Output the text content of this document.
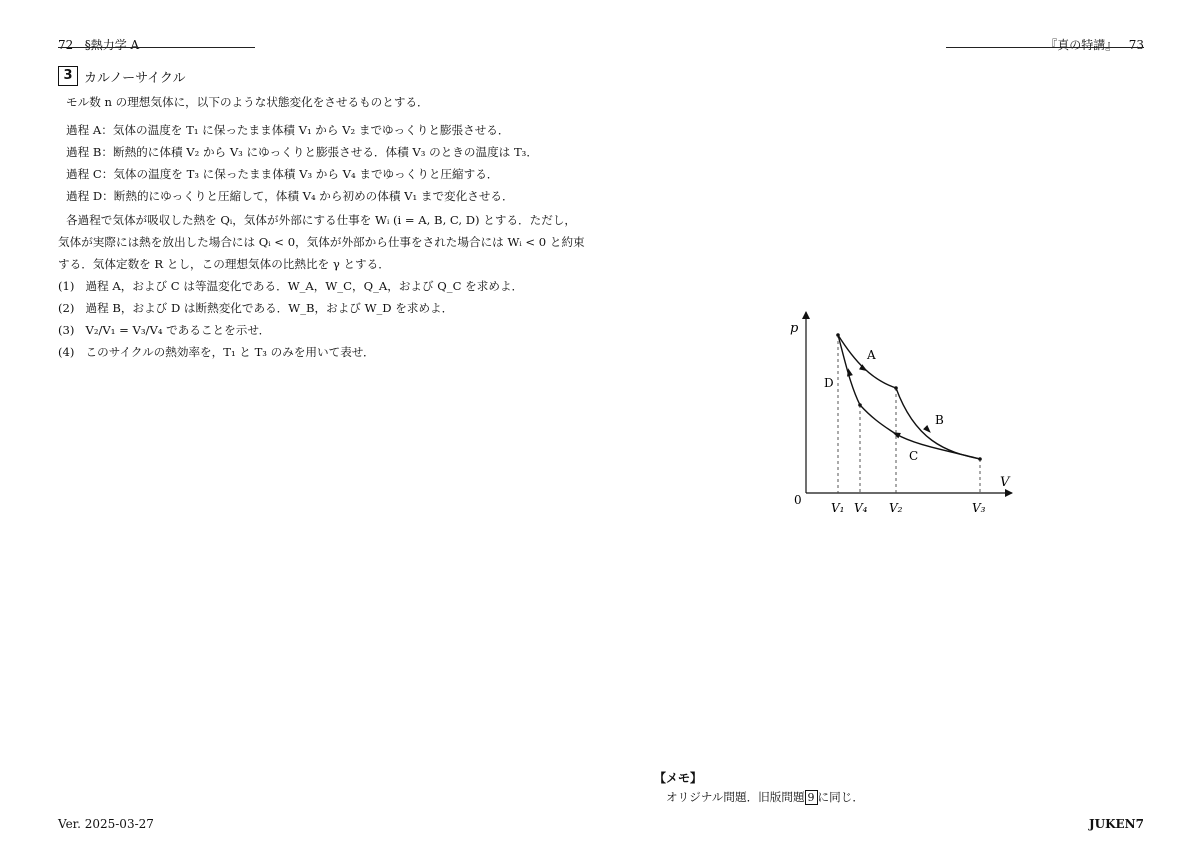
72 §熱力学 A	『真の特講』 73
3 カルノーサイクル
モル数 n の理想気体に，以下のような状態変化をさせるものとする．
過程 A：気体の温度を T₁ に保ったまま体積 V₁ から V₂ までゆっくりと膨張させる．
過程 B：断熱的に体積 V₂ から V₃ にゆっくりと膨張させる．体積 V₃ のときの温度は T₃．
過程 C：気体の温度を T₃ に保ったまま体積 V₃ から V₄ までゆっくりと圧縮する．
過程 D：断熱的にゆっくりと圧縮して，体積 V₄ から初めの体積 V₁ まで変化させる．
各過程で気体が吸収した熱を Qᵢ，気体が外部にする仕事を Wᵢ (i = A, B, C, D) とする．ただし，
気体が実際には熱を放出した場合には Qᵢ < 0，気体が外部から仕事をされた場合には Wᵢ < 0 と約束
する．気体定数を R とし，この理想気体の比熱比を γ とする．
(1) 過程 A，および C は等温変化である．W_A，W_C，Q_A，および Q_C を求めよ．
(2) 過程 B，および D は断熱変化である．W_B，および W_D を求めよ．
(3) V₂/V₁ = V₃/V₄ であることを示せ．
(4) このサイクルの熱効率を，T₁ と T₃ のみを用いて表せ．
p
V
0
V₁ V₄ V₂	V₃
A
B
C
D
【メモ】
オリジナル問題．旧版問題 9 に同じ．
Ver. 2025-03-27	JUKEN7
